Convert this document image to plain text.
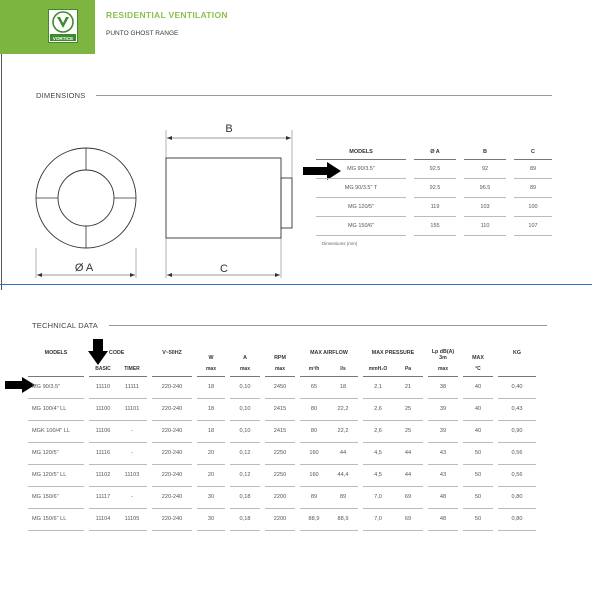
VORTICE
RESIDENTIAL VENTILATION
PUNTO GHOST RANGE
DIMENSIONS
Ø A
B
C
MODELS		Ø A		B		C
MG 90/3.5"		92.5		92		89
MG 90/3.5" T		92.5		96.5		89
MG 120/5"		119		103		100
MG 150/6"		155		110		107
Dimensions (mm)
TECHNICAL DATA
MODELS		CODE			V~50HZ		W		A		RPM		MAX AIRFLOW			MAX PRESSURE			Lp dB(A)
3m		MAX		KG
		BASIC	TIMER				max		max		max		m³/h	l/s		mmH₂O	Pa		max		°C		
MG 90/3.5"		11110	11111		220-240		18		0,10		2450		65	18		2,1	21		38		40		0,40
MG 100/4" LL		11100	11101		220-240		18		0,10		2415		80	22,2		2,6	25		39		40		0,43
MGK 100/4" LL		11106	-		220-240		18		0,10		2415		80	22,2		2,6	25		39		40		0,90
MG 120/5"		11116	-		220-240		20		0,12		2250		160	44		4,5	44		43		50		0,56
MG 120/5" LL		11102	11103		220-240		20		0,12		2250		160	44,4		4,5	44		43		50		0,56
MG 150/6"		11117	-		220-240		30		0,18		2200		89	89		7,0	69		48		50		0,80
MG 150/6" LL		11104	11105		220-240		30		0,18		2200		88,9	88,9		7,0	69		48		50		0,80
